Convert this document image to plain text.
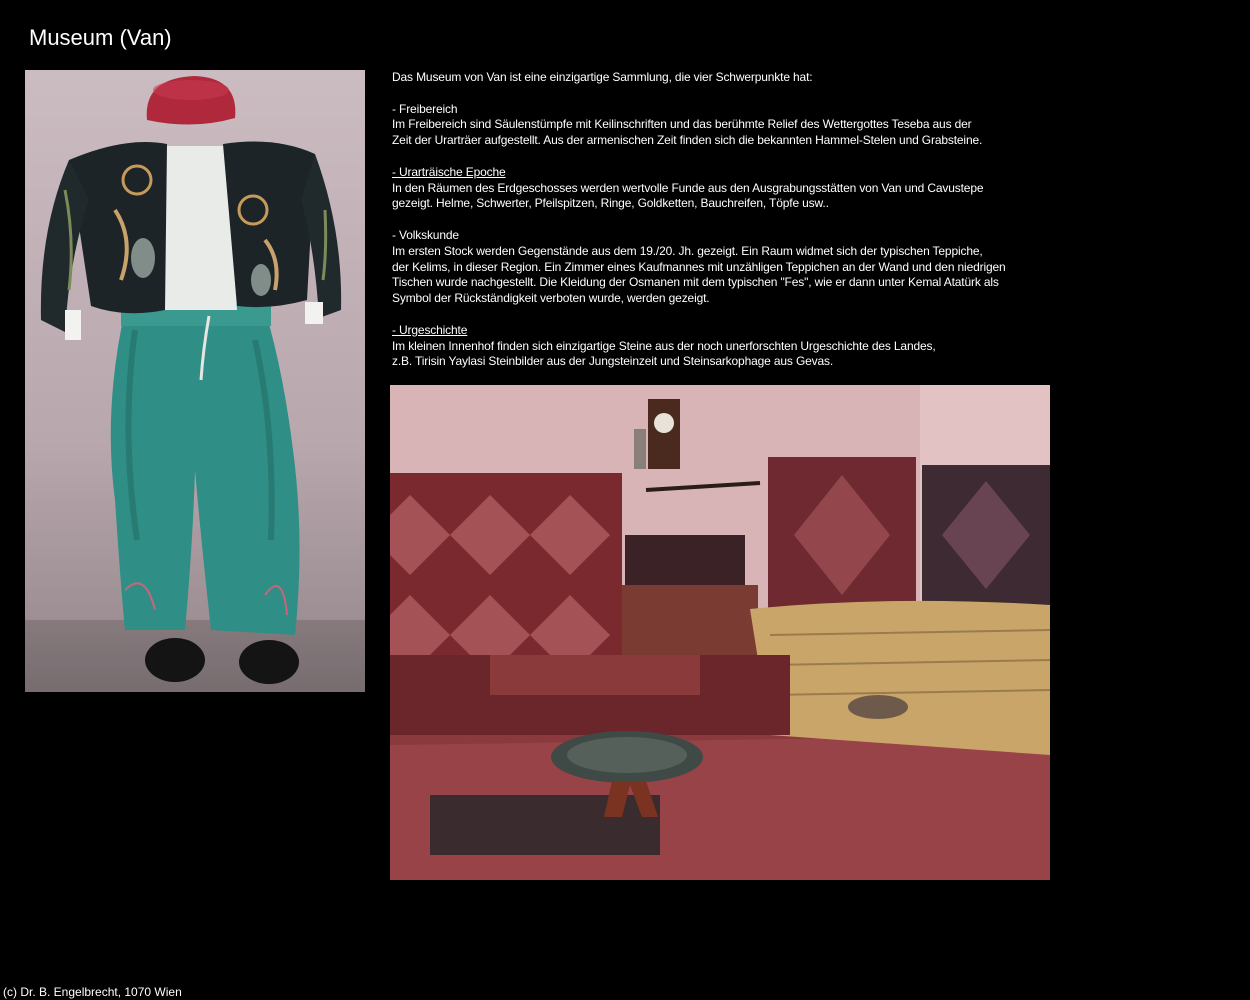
Museum (Van)

Das Museum von Van ist eine einzigartige Sammlung, die vier Schwerpunkte hat:

- Freibereich
Im Freibereich sind Säulenstümpfe mit Keilinschriften und das berühmte Relief des Wettergottes Teseba aus der
Zeit der Urarträer aufgestellt. Aus der armenischen Zeit finden sich die bekannten Hammel-Stelen und Grabsteine.

- Urarträische Epoche
In den Räumen des Erdgeschosses werden wertvolle Funde aus den Ausgrabungsstätten von Van und Cavustepe
gezeigt. Helme, Schwerter, Pfeilspitzen, Ringe, Goldketten, Bauchreifen, Töpfe usw..

- Volkskunde
Im ersten Stock werden Gegenstände aus dem 19./20. Jh. gezeigt. Ein Raum widmet sich der typischen Teppiche,
der Kelims, in dieser Region. Ein Zimmer eines Kaufmannes mit unzähligen Teppichen an der Wand und den niedrigen
Tischen wurde nachgestellt. Die Kleidung der Osmanen mit dem typischen "Fes", wie er dann unter Kemal Atatürk als
Symbol der Rückständigkeit verboten wurde, werden gezeigt.

- Urgeschichte
Im kleinen Innenhof finden sich einzigartige Steine aus der noch unerforschten Urgeschichte des Landes,
z.B. Tirisin Yaylasi Steinbilder aus der Jungsteinzeit und Steinsarkophage aus Gevas.

(c) Dr. B. Engelbrecht, 1070 Wien
